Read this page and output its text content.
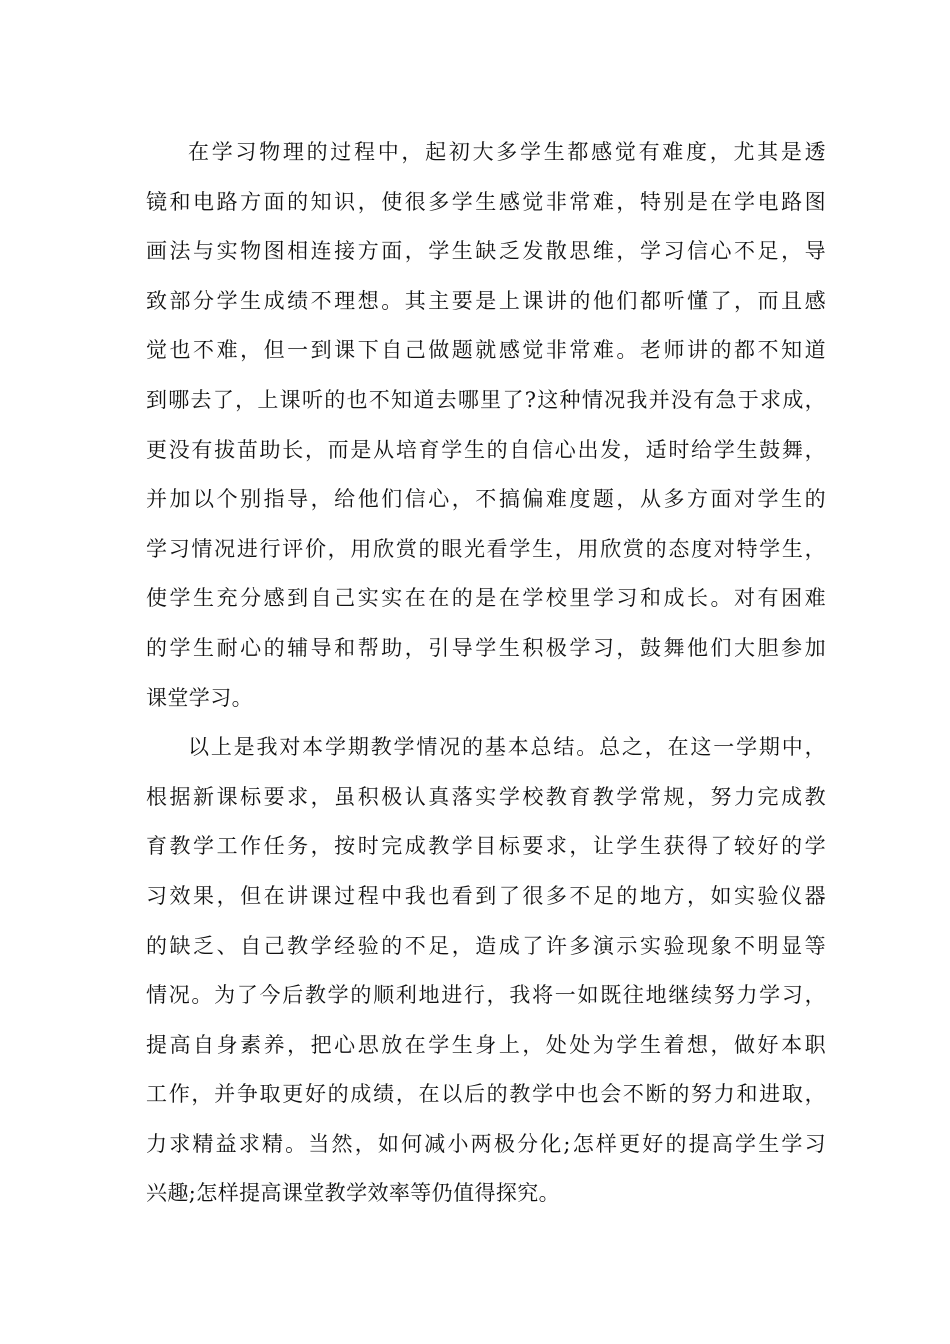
在学习物理的过程中，起初大多学生都感觉有难度，尤其是透
镜和电路方面的知识，使很多学生感觉非常难，特别是在学电路图
画法与实物图相连接方面，学生缺乏发散思维，学习信心不足，导
致部分学生成绩不理想。其主要是上课讲的他们都听懂了，而且感
觉也不难，但一到课下自己做题就感觉非常难。老师讲的都不知道
到哪去了，上课听的也不知道去哪里了?这种情况我并没有急于求成，
更没有拔苗助长，而是从培育学生的自信心出发，适时给学生鼓舞，
并加以个别指导，给他们信心，不搞偏难度题，从多方面对学生的
学习情况进行评价，用欣赏的眼光看学生，用欣赏的态度对特学生，
使学生充分感到自己实实在在的是在学校里学习和成长。对有困难
的学生耐心的辅导和帮助，引导学生积极学习，鼓舞他们大胆参加
课堂学习。
以上是我对本学期教学情况的基本总结。总之，在这一学期中，
根据新课标要求，虽积极认真落实学校教育教学常规，努力完成教
育教学工作任务，按时完成教学目标要求，让学生获得了较好的学
习效果，但在讲课过程中我也看到了很多不足的地方，如实验仪器
的缺乏、自己教学经验的不足，造成了许多演示实验现象不明显等
情况。为了今后教学的顺利地进行，我将一如既往地继续努力学习，
提高自身素养，把心思放在学生身上，处处为学生着想，做好本职
工作，并争取更好的成绩，在以后的教学中也会不断的努力和进取，
力求精益求精。当然，如何减小两极分化;怎样更好的提高学生学习
兴趣;怎样提高课堂教学效率等仍值得探究。
